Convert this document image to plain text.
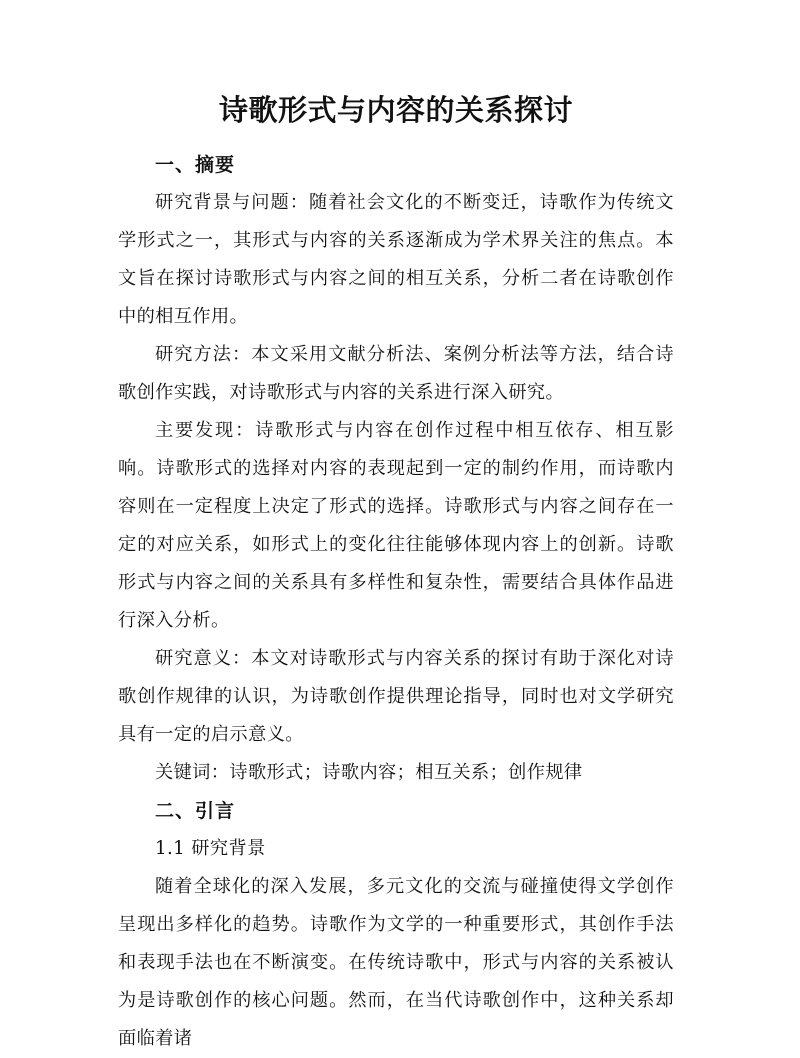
诗歌形式与内容的关系探讨
一、摘要

研究背景与问题：随着社会文化的不断变迁，诗歌作为传统文学形式之一，其形式与内容的关系逐渐成为学术界关注的焦点。本文旨在探讨诗歌形式与内容之间的相互关系，分析二者在诗歌创作中的相互作用。

研究方法：本文采用文献分析法、案例分析法等方法，结合诗歌创作实践，对诗歌形式与内容的关系进行深入研究。

主要发现：诗歌形式与内容在创作过程中相互依存、相互影响。诗歌形式的选择对内容的表现起到一定的制约作用，而诗歌内容则在一定程度上决定了形式的选择。诗歌形式与内容之间存在一定的对应关系，如形式上的变化往往能够体现内容上的创新。诗歌形式与内容之间的关系具有多样性和复杂性，需要结合具体作品进行深入分析。

研究意义：本文对诗歌形式与内容关系的探讨有助于深化对诗歌创作规律的认识，为诗歌创作提供理论指导，同时也对文学研究具有一定的启示意义。

关键词：诗歌形式；诗歌内容；相互关系；创作规律

二、引言

1.1 研究背景

随着全球化的深入发展，多元文化的交流与碰撞使得文学创作呈现出多样化的趋势。诗歌作为文学的一种重要形式，其创作手法和表现手法也在不断演变。在传统诗歌中，形式与内容的关系被认为是诗歌创作的核心问题。然而，在当代诗歌创作中，这种关系却面临着诸
